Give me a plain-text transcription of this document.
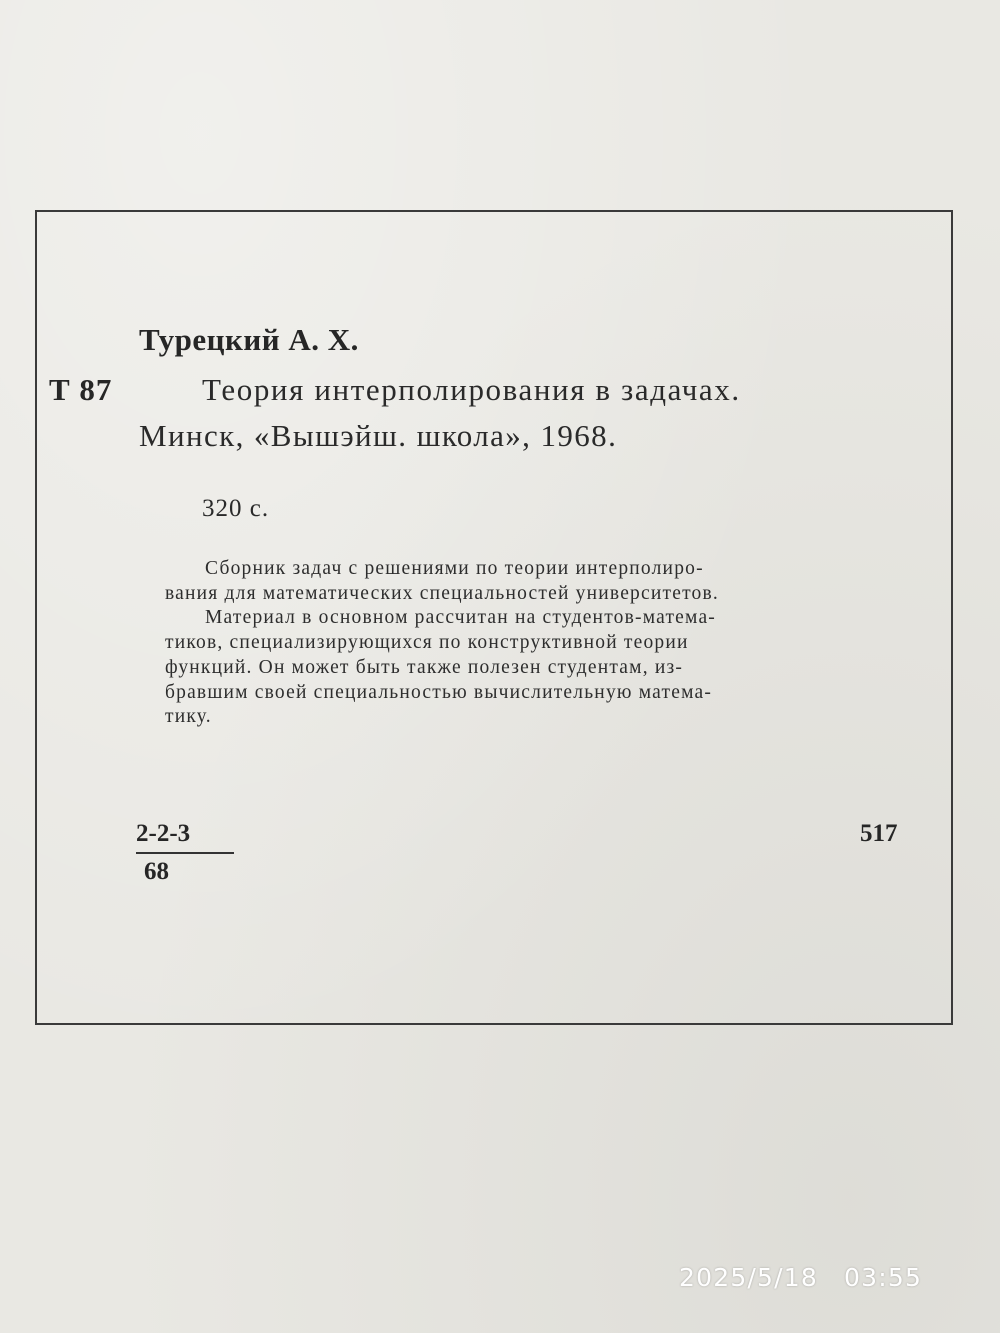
Турецкий А. Х.
Т 87	Теория интерполирования в задачах.
Минск, «Вышэйш. школа», 1968.
320 с.

Сборник задач с решениями по теории интерполиро-

вания для математических специальностей университетов.

Материал в основном рассчитан на студентов-матема-

тиков, специализирующихся по конструктивной теории

функций. Он может быть также полезен студентам, из-

бравшим своей специальностью вычислительную матема-

тику.

$\frac{2-2-3}{68}$	517
2025/5/18 03:55
